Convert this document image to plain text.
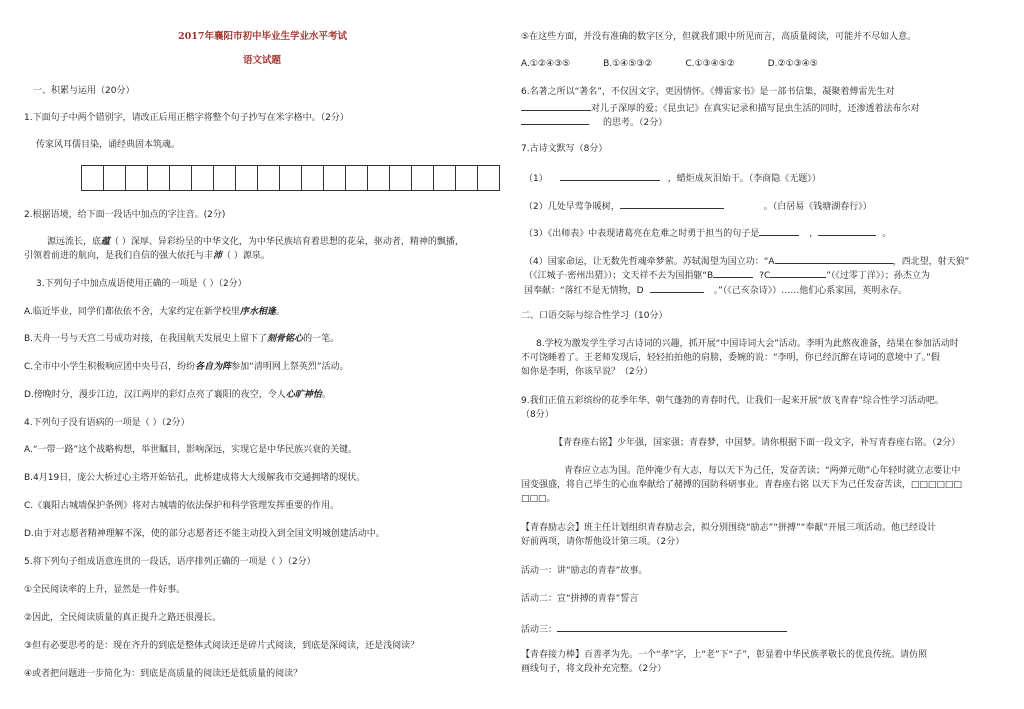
2017年襄阳市初中毕业生学业水平考试
语文试题
一、积累与运用（20分）
1.下面句子中两个错别字，请改正后用正楷字将整个句子抄写在米字格中。（2分）
传家风耳儒目染，诵经典固本筑魂。
2.根据语境，给下面一段话中加点的字注音。(2分)
源远流长，底蕴（ ）深厚、异彩纷呈的中华文化，为中华民族培育着思想的花朵，驱动者，精神的飘播，
引领着前进的航向，是我们自信的强大依托与丰沛（ ）源泉。
3.下列句子中加点成语使用正确的一项是（ ）（2分）
A.临近毕业，同学们都依依不舍，大家约定在新学校里序水相逢。
B.天舟一号与天宫二号成功对接，在我国航天发展史上留下了刻骨铭心的一笔。
C.全市中小学生积极响应团中央号召，纷纷各自为阵参加“清明网上祭英烈”活动。
D.傍晚时分，漫步江边，汉江两岸的彩灯点亮了襄阳的夜空，令人心旷神怡。
4.下列句子没有语病的一项是（ ）（2分）
A.“一带一路”这个战略构想，举世瞩目，影响深远，实现它是中华民族兴衰的关键。
B.4月19日，庞公大桥过心主塔开始钻孔，此桥建成将大大缓解我市交通拥堵的现状。
C.《襄阳古城墙保护条例》将对古城墙的依法保护和科学管理发挥重要的作用。
D.由于对志愿者精神理解不深，使的部分志愿者还不能主动投入到全国文明城创建活动中。
5.将下列句子组成语意连贯的一段话，语序排列正确的一项是（ ）（2分）
①全民阅读率的上升，显然是一件好事。
②因此，全民阅读质量的真正提升之路还很漫长。
③但有必要思考的是：现在齐升的到底是整体式阅读还是碎片式阅读，到底是深阅读，还是浅阅读？
④或者把问题进一步简化为：到底是高质量的阅读还是低质量的阅读？
⑤在这些方面，并没有准确的数字区分，但就我们眼中所见而言，高质量阅读，可能并不尽如人意。
A.①②④③⑤	B.①④⑤③②	C.①③④⑤②	D.②①③④⑤
6.名著之所以“著名”，不仅因文字，更因情怀。《傅雷家书》是一部书信集，凝聚着傅雷先生对
对儿子深厚的爱；《昆虫记》在真实记录和描写昆虫生活的同时，还渗透着法布尔对
的思考。（2分）
7.古诗文默写（8分）
（1）	，蜡炬成灰泪始干。（李商隐《无题》）
（2）几处早莺争暖树，	。（白居易《钱塘湖春行》）
（3）《出师表》中表现诸葛亮在危难之时勇于担当的句子是	，	。
（4）国家命运，让无数先哲魂牵梦萦。苏轼渴望为国立功：“A	，西北望，射天狼”
（《江城子·密州出猎》）；文天祥不去为国捐躯“B	?C	”（《过零丁洋》）；孙杰立为
国奉献：“落红不是无情物，D	。”（《己亥杂诗》）……他们心系家国，英明永存。
二、口语交际与综合性学习（10分）
8.学校为激发学生学习古诗词的兴趣，抓开展“中国诗词大会”活动。李明为此熬夜准备，结果在参加活动时
不可饶睡着了。王老师发现后，轻轻拍拍他的肩膀，委婉的说：“李明，你已经沉醉在诗词的意境中了。”假
如你是李明，你该早说？（2分）
9.我们正值五彩缤纷的花季年华、朝气蓬勃的青春时代，让我们一起来开展“放飞青春”综合性学习活动吧。
（8分）
【青春座右铭】少年强，国家强；青春梦，中国梦。请你根据下面一段文字，补写青春座右铭。（2分）
青春应立志为国。范仲淹少有大志，每以天下为己任，发奋苦读；“两弹元勋”心年轻时就立志要让中
国变强盛，将自己毕生的心血奉献给了赭搏的国防科研事业。青春座右铭 以天下为己任发奋苦读，□□□□□□
□□□。
【青春励志会】班主任计划组织青春励志会，拟分别围绕“励志”“拼搏”“奉献”开展三项活动。他已经设计
好前两项，请你帮他设计第三项。（2分）
活动一：讲“励志的青春”故事。
活动二：宣“拼搏的青春”誓言
活动三：
【青春接力棒】百善孝为先。一个“孝”字，上“老”下“子”，彰显着中华民族孝敬长的优良传统。请仿照
画线句子，将文段补充完整。（2分）
